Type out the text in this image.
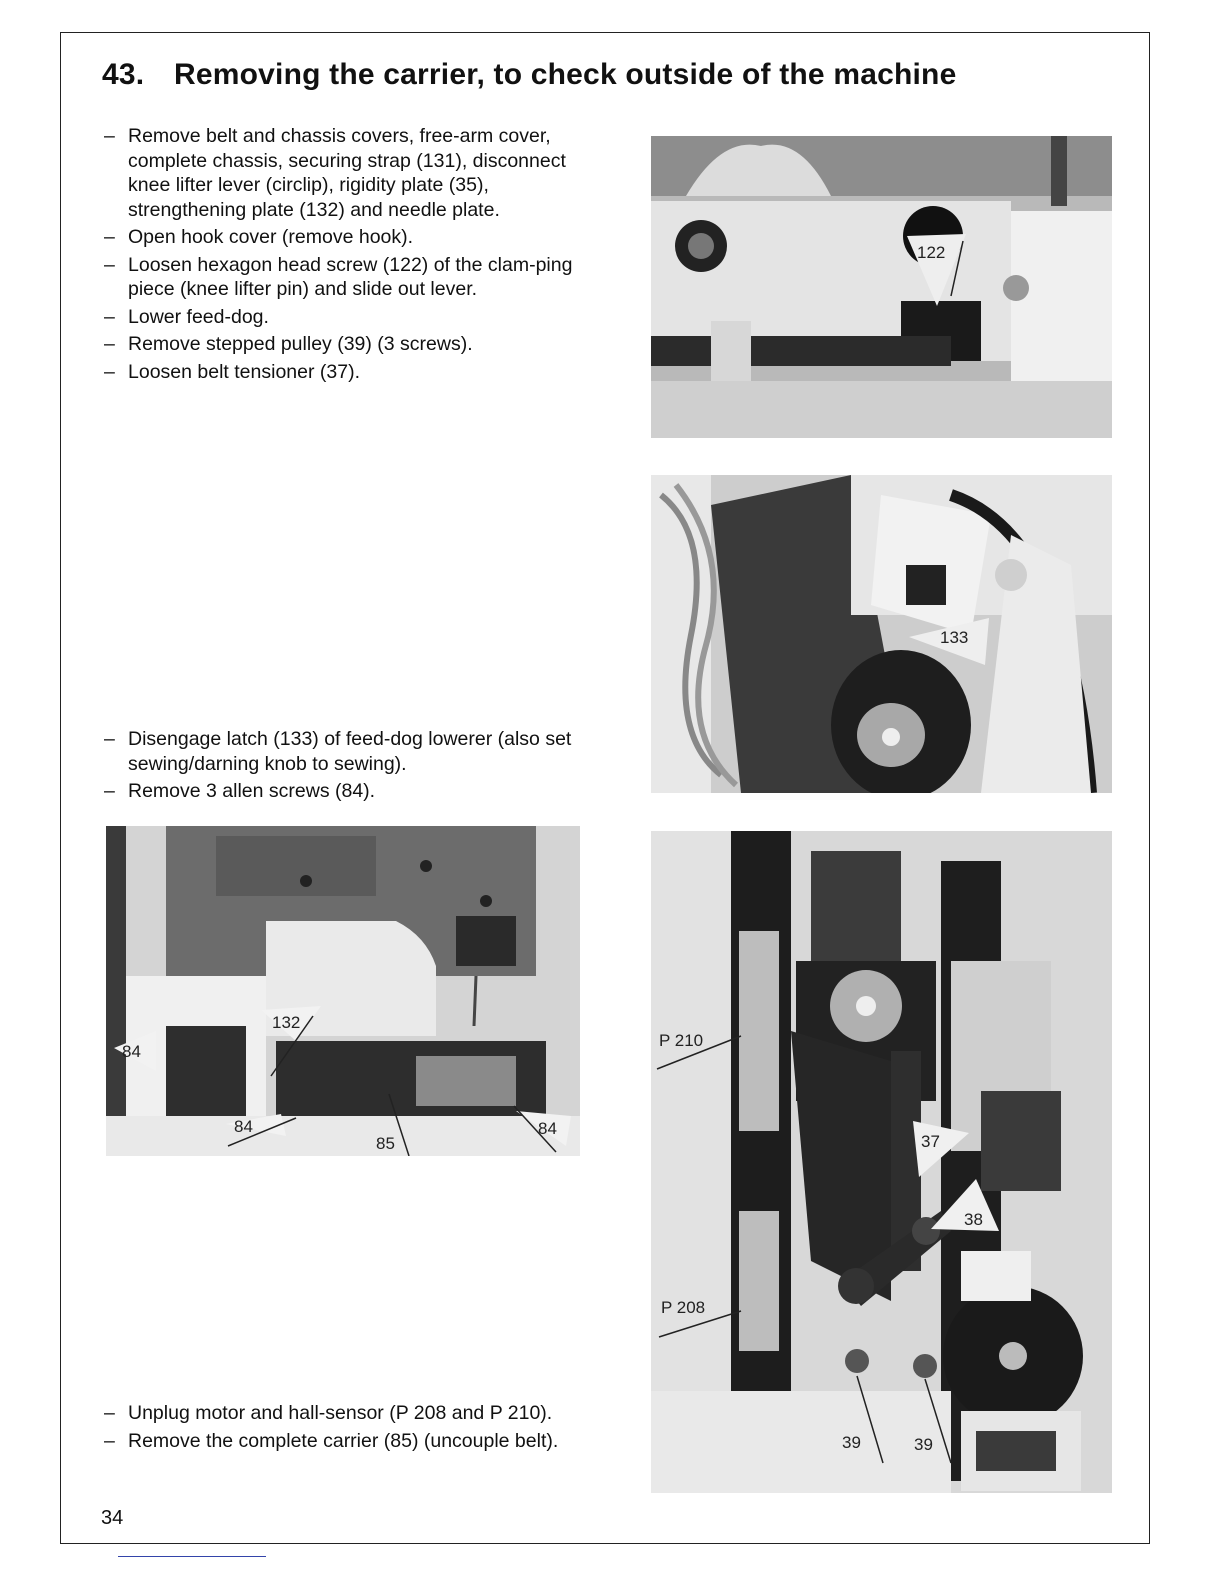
43. Removing the carrier, to check outside of the machine
– Remove belt and chassis covers, free-arm cover, complete chassis, securing strap (131), disconnect knee lifter lever (circlip), rigidity plate (35), strengthening plate (132) and needle plate.
– Open hook cover (remove hook).
– Loosen hexagon head screw (122) of the clam-ping piece (knee lifter pin) and slide out lever.
– Lower feed-dog.
– Remove stepped pulley (39) (3 screws).
– Loosen belt tensioner (37).
– Disengage latch (133) of feed-dog lowerer (also set sewing/darning knob to sewing).
– Remove 3 allen screws (84).
– Unplug motor and hall-sensor (P 208 and P 210).
– Remove the complete carrier (85) (uncouple belt).
122
133
84
132
84
85
84
P 210
37
38
P 208
39	39
34
